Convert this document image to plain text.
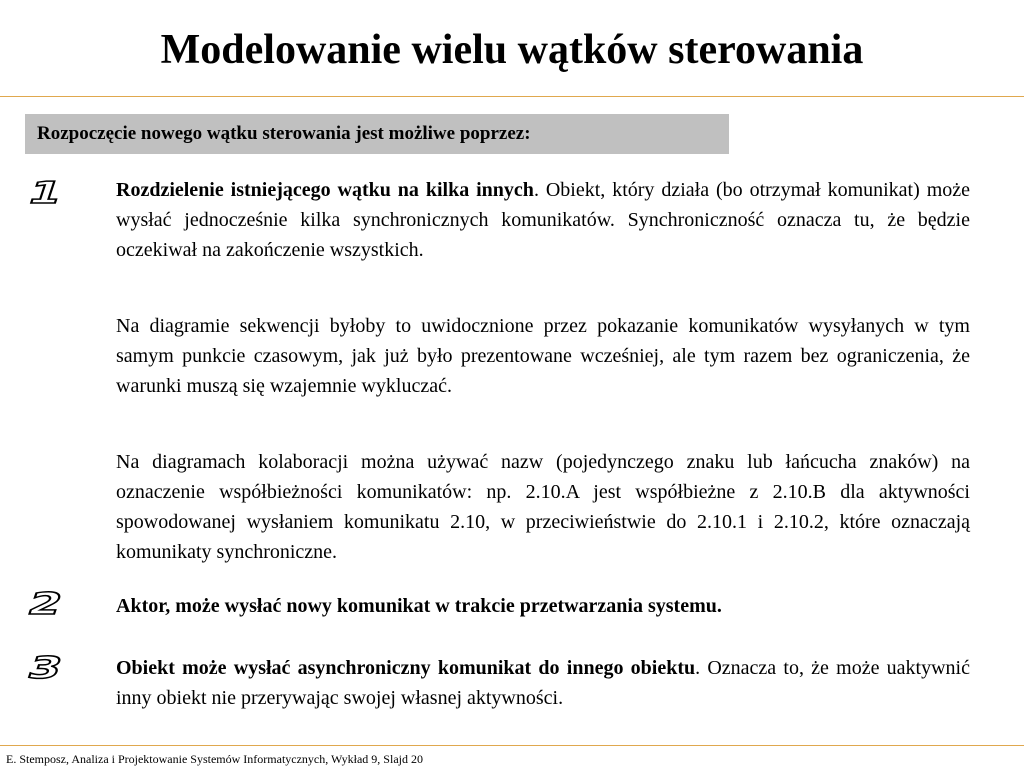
Modelowanie wielu wątków sterowania
Rozpoczęcie nowego wątku sterowania jest możliwe poprzez:
1 Rozdzielenie istniejącego wątku na kilka innych. Obiekt, który działa (bo otrzymał komunikat) może wysłać jednocześnie kilka synchronicznych komunikatów. Synchroniczność oznacza tu, że będzie oczekiwał na zakończenie wszystkich.
Na diagramie sekwencji byłoby to uwidocznione przez pokazanie komunikatów wysyłanych w tym samym punkcie czasowym, jak już było prezentowane wcześniej, ale tym razem bez ograniczenia, że warunki muszą się wzajemnie wykluczać.
Na diagramach kolaboracji można używać nazw (pojedynczego znaku lub łańcucha znaków) na oznaczenie współbieżności komunikatów: np. 2.10.A jest współbieżne z 2.10.B dla aktywności spowodowanej wysłaniem komunikatu 2.10, w przeciwieństwie do 2.10.1 i 2.10.2, które oznaczają komunikaty synchroniczne.
2 Aktor, może wysłać nowy komunikat w trakcie przetwarzania systemu.
3 Obiekt może wysłać asynchroniczny komunikat do innego obiektu. Oznacza to, że może uaktywnić inny obiekt nie przerywając swojej własnej aktywności.
E. Stemposz, Analiza i Projektowanie Systemów Informatycznych, Wykład 9, Slajd 20
